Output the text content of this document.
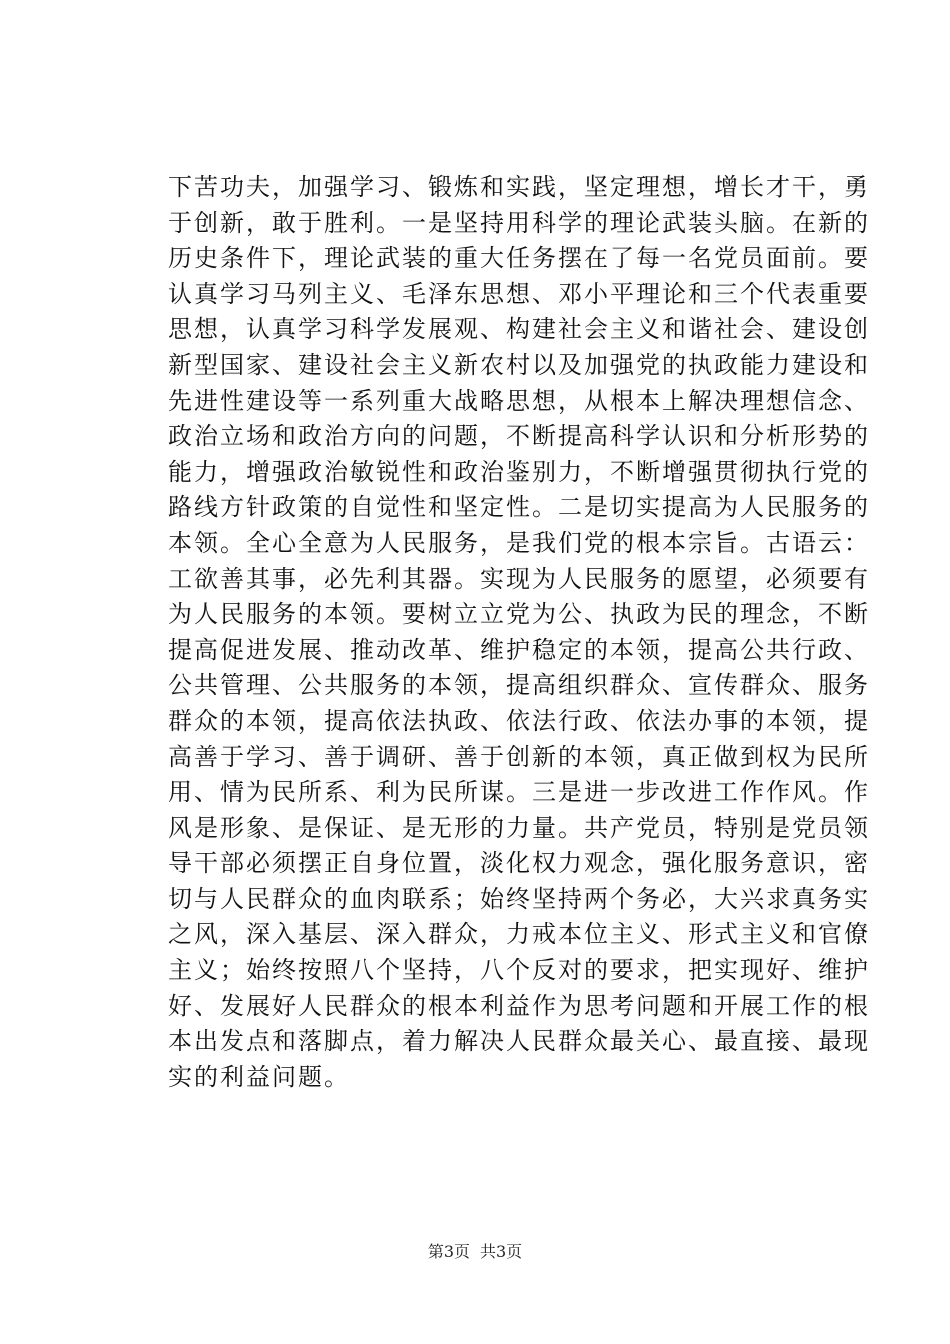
下苦功夫，加强学习、锻炼和实践，坚定理想，增长才干，勇
于创新，敢于胜利。一是坚持用科学的理论武装头脑。在新的
历史条件下，理论武装的重大任务摆在了每一名党员面前。要
认真学习马列主义、毛泽东思想、邓小平理论和三个代表重要
思想，认真学习科学发展观、构建社会主义和谐社会、建设创
新型国家、建设社会主义新农村以及加强党的执政能力建设和
先进性建设等一系列重大战略思想，从根本上解决理想信念、
政治立场和政治方向的问题，不断提高科学认识和分析形势的
能力，增强政治敏锐性和政治鉴别力，不断增强贯彻执行党的
路线方针政策的自觉性和坚定性。二是切实提高为人民服务的
本领。全心全意为人民服务，是我们党的根本宗旨。古语云：
工欲善其事，必先利其器。实现为人民服务的愿望，必须要有
为人民服务的本领。要树立立党为公、执政为民的理念，不断
提高促进发展、推动改革、维护稳定的本领，提高公共行政、
公共管理、公共服务的本领，提高组织群众、宣传群众、服务
群众的本领，提高依法执政、依法行政、依法办事的本领，提
高善于学习、善于调研、善于创新的本领，真正做到权为民所
用、情为民所系、利为民所谋。三是进一步改进工作作风。作
风是形象、是保证、是无形的力量。共产党员，特别是党员领
导干部必须摆正自身位置，淡化权力观念，强化服务意识，密
切与人民群众的血肉联系；始终坚持两个务必，大兴求真务实
之风，深入基层、深入群众，力戒本位主义、形式主义和官僚
主义；始终按照八个坚持，八个反对的要求，把实现好、维护
好、发展好人民群众的根本利益作为思考问题和开展工作的根
本出发点和落脚点，着力解决人民群众最关心、最直接、最现
实的利益问题。
第3页 共3页
